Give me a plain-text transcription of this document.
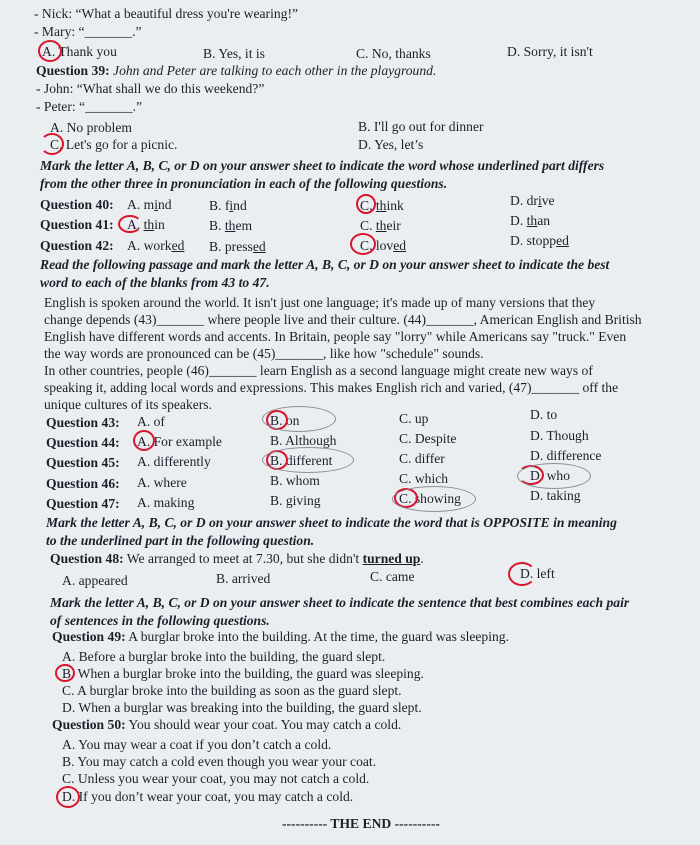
- Nick: “What a beautiful dress you're wearing!”
- Mary: “_______.”
A. Thank you	B. Yes, it is	C. No, thanks	D. Sorry, it isn't
Question 39: John and Peter are talking to each other in the playground.
- John: “What shall we do this weekend?”
- Peter: “_______.”
A. No problem	B. I'll go out for dinner
C. Let's go for a picnic.	D. Yes, let’s
Mark the letter A, B, C, or D on your answer sheet to indicate the word whose underlined part differs
from the other three in pronunciation in each of the following questions.
Question 40: A. mind	B. find	C. think	D. drive
Question 41: A. thin	B. them	C. their	D. than
Question 42: A. worked B. pressed	C. loved	D. stopped
Read the following passage and mark the letter A, B, C, or D on your answer sheet to indicate the best
word to each of the blanks from 43 to 47.
English is spoken around the world. It isn't just one language; it's made up of many versions that they
change depends (43)_______ where people live and their culture. (44)_______, American English and British
English have different words and accents. In Britain, people say "lorry" while Americans say "truck." Even
the way words are pronounced can be (45)_______, like how "schedule" sounds.
In other countries, people (46)_______ learn English as a second language might create new ways of
speaking it, adding local words and expressions. This makes English rich and varied, (47)_______ off the
unique cultures of its speakers.
Question 43: A. of	B. on	C. up	D. to
Question 44: A. For example	B. Although	C. Despite	D. Though
Question 45: A. differently	B. different	C. differ	D. difference
Question 46: A. where	B. whom	C. which	D. who
Question 47: A. making	B. giving	C. showing	D. taking
Mark the letter A, B, C, or D on your answer sheet to indicate the word that is OPPOSITE in meaning
to the underlined part in the following question.
Question 48: We arranged to meet at 7.30, but she didn't turned up.
A. appeared	B. arrived	C. came	D. left
Mark the letter A, B, C, or D on your answer sheet to indicate the sentence that best combines each pair
of sentences in the following questions.
Question 49: A burglar broke into the building. At the time, the guard was sleeping.
A. Before a burglar broke into the building, the guard slept.
B. When a burglar broke into the building, the guard was sleeping.
C. A burglar broke into the building as soon as the guard slept.
D. When a burglar was breaking into the building, the guard slept.
Question 50: You should wear your coat. You may catch a cold.
A. You may wear a coat if you don’t catch a cold.
B. You may catch a cold even though you wear your coat.
C. Unless you wear your coat, you may not catch a cold.
D. If you don’t wear your coat, you may catch a cold.
---------- THE END ----------
